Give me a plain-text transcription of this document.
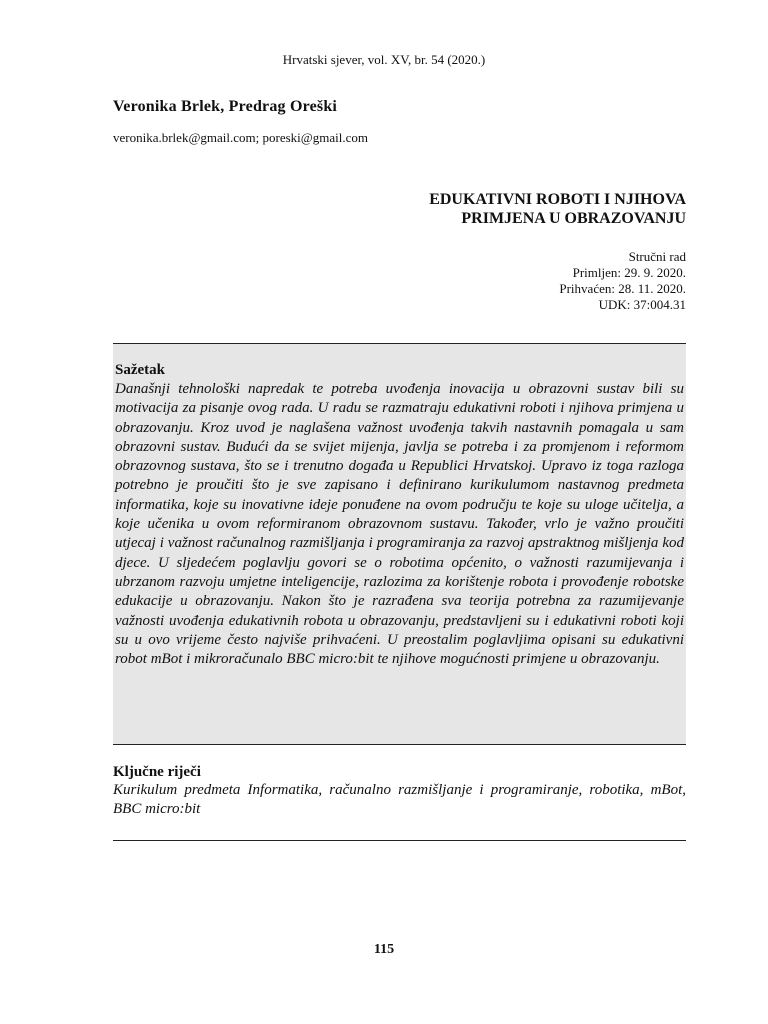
Hrvatski sjever, vol. XV, br. 54 (2020.)
Veronika Brlek, Predrag Oreški
veronika.brlek@gmail.com; poreski@gmail.com
EDUKATIVNI ROBOTI I NJIHOVA
PRIMJENA U OBRAZOVANJU
Stručni rad
Primljen: 29. 9. 2020.
Prihvaćen: 28. 11. 2020.
UDK: 37:004.31

Sažetak

Današnji tehnološki napredak te potreba uvođenja inovacija u obrazovni sustav bili su motivacija za pisanje ovog rada. U radu se razmatraju edukativni roboti i njihova primjena u obrazovanju. Kroz uvod je naglašena važnost uvođenja takvih nastavnih pomagala u sam obrazovni sustav. Budući da se svijet mijenja, javlja se potreba i za promjenom i reformom obrazovnog sustava, što se i trenutno događa u Republici Hrvatskoj. Upravo iz toga razloga potrebno je proučiti što je sve zapisano i definirano kurikulumom nastavnog predmeta informatika, koje su inovativne ideje ponuđene na ovom području te koje su uloge učitelja, a koje učenika u ovom reformiranom obrazovnom sustavu. Također, vrlo je važno proučiti utjecaj i važnost računalnog razmišljanja i programiranja za razvoj apstraktnog mišljenja kod djece. U sljedećem poglavlju govori se o robotima općenito, o važnosti razumijevanja i ubrzanom razvoju umjetne inteligencije, razlozima za korištenje robota i provođenje robotske edukacije u obrazovanju. Nakon što je razrađena sva teorija potrebna za razumijevanje važnosti uvođenja edukativnih robota u obrazovanju, predstavljeni su i edukativni roboti koji su u ovo vrijeme često najviše prihvaćeni. U preostalim poglavljima opisani su edukativni robot mBot i mikroračunalo BBC micro:bit te njihove mogućnosti primjene u obrazovanju.

Ključne riječi

Kurikulum predmeta Informatika, računalno razmišljanje i programiranje, robotika, mBot, BBC micro:bit

115
